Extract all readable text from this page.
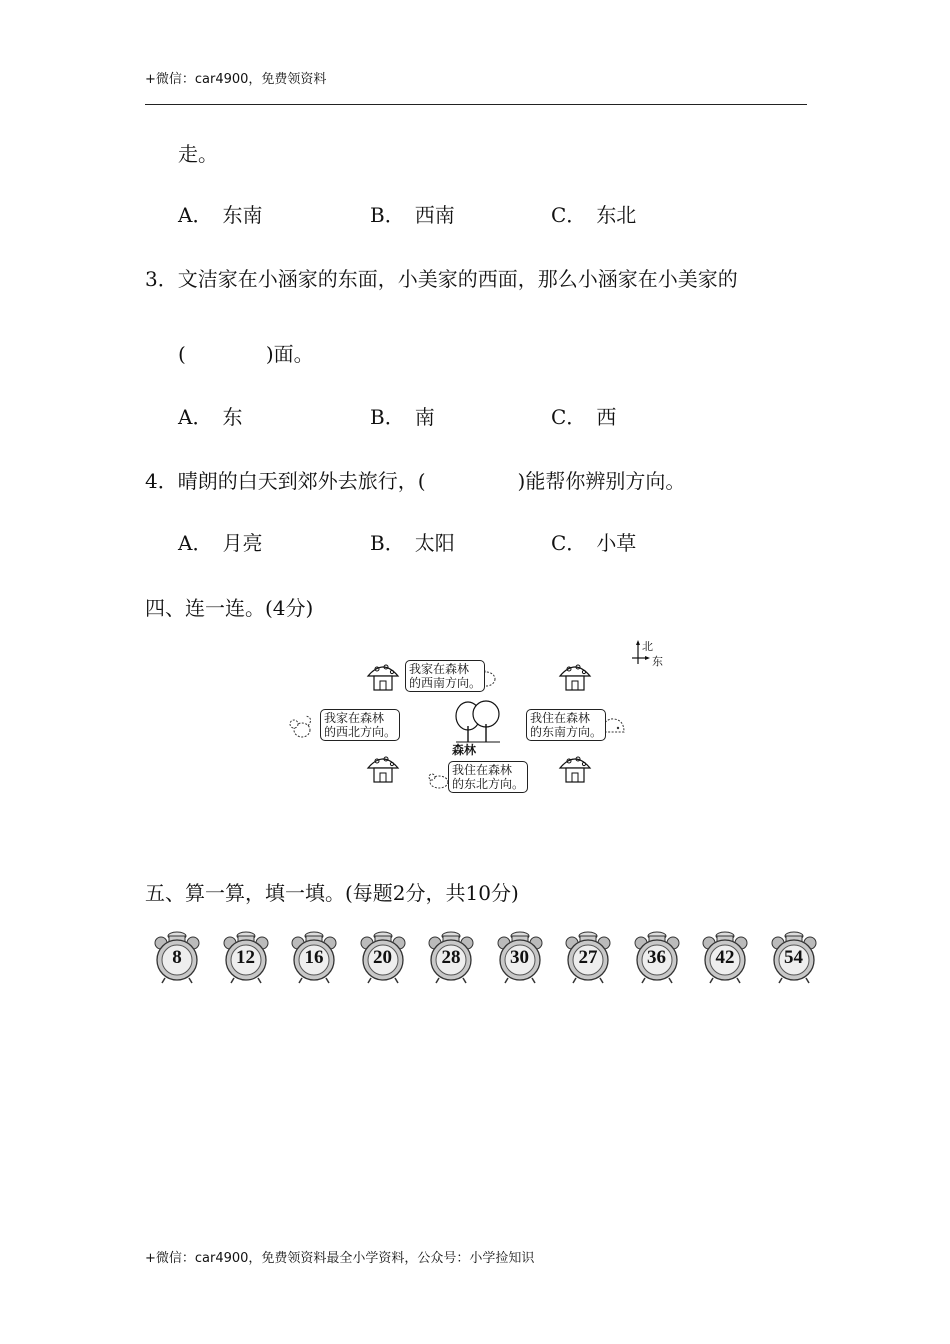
+微信：car4900，免费领资料
走。
A． 东南	B． 西南	C． 东北
3．文洁家在小涵家的东面，小美家的西面，那么小涵家在小美家的
(	)面。
A． 东	B． 南	C． 西
4．晴朗的白天到郊外去旅行，(	)能帮你辨别方向。
A． 月亮	B． 太阳	C． 小草
四、连一连。(4分)
北
东
森林
我家在森林
的西南方向。
我家在森林
的西北方向。
我住在森林
的东南方向。
我住在森林
的东北方向。
五、算一算，填一填。(每题2分，共10分)
8	12	16	20	28	30	27	36	42	54
+微信：car4900，免费领资料最全小学资料，公众号：小学捡知识
